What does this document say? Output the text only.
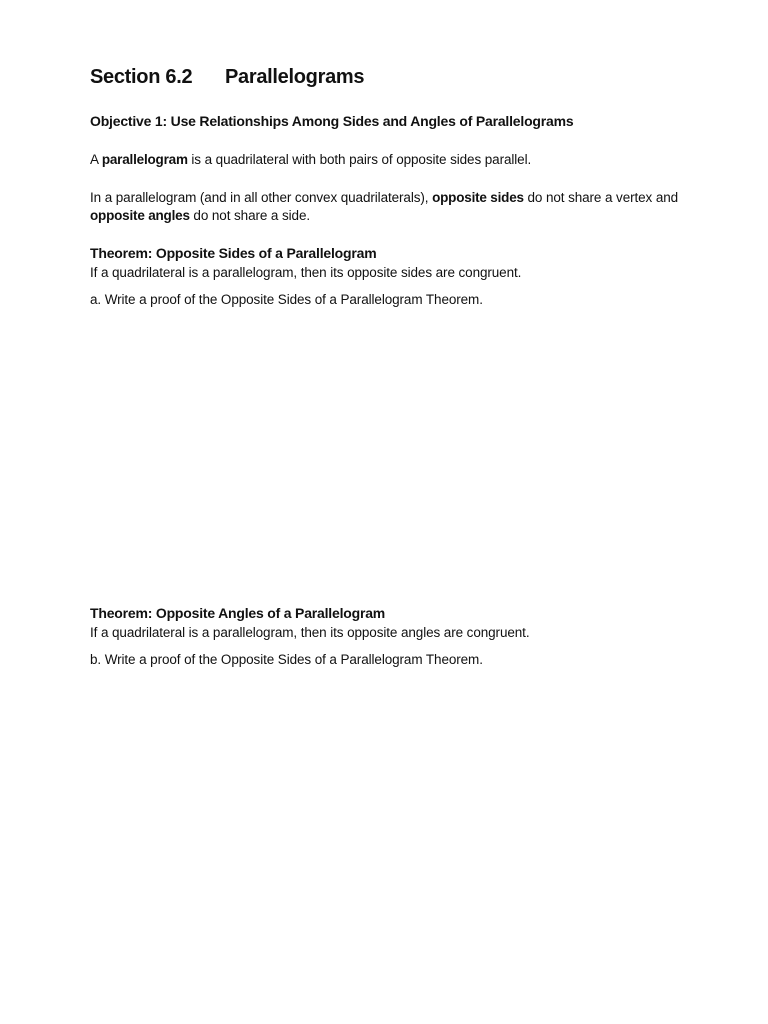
Section 6.2 Parallelograms
Objective 1: Use Relationships Among Sides and Angles of Parallelograms
A parallelogram is a quadrilateral with both pairs of opposite sides parallel.
In a parallelogram (and in all other convex quadrilaterals), opposite sides do not share a vertex and
opposite angles do not share a side.
Theorem: Opposite Sides of a Parallelogram
If a quadrilateral is a parallelogram, then its opposite sides are congruent.
a. Write a proof of the Opposite Sides of a Parallelogram Theorem.
Theorem: Opposite Angles of a Parallelogram
If a quadrilateral is a parallelogram, then its opposite angles are congruent.
b. Write a proof of the Opposite Sides of a Parallelogram Theorem.
